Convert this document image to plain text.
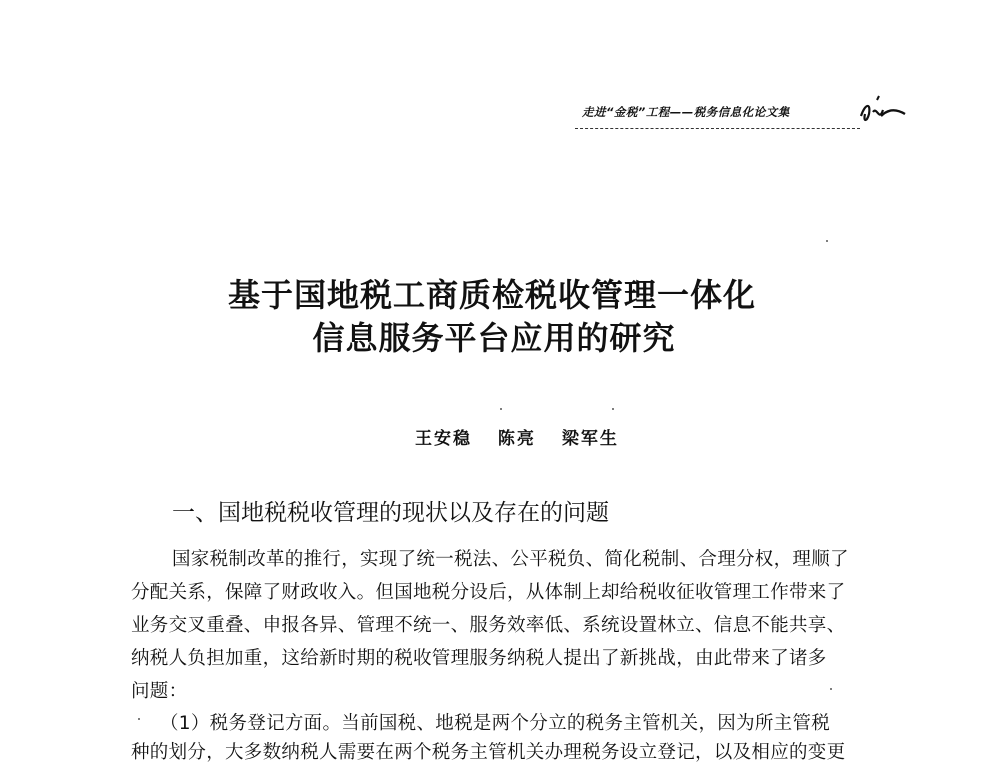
走进“金税”工程——税务信息化论文集
基于国地税工商质检税收管理一体化
信息服务平台应用的研究
王安稳 陈亮 梁军生
一、国地税税收管理的现状以及存在的问题
国家税制改革的推行，实现了统一税法、公平税负、简化税制、合理分权，理顺了
分配关系，保障了财政收入。但国地税分设后，从体制上却给税收征收管理工作带来了
业务交叉重叠、申报各异、管理不统一、服务效率低、系统设置林立、信息不能共享、
纳税人负担加重，这给新时期的税收管理服务纳税人提出了新挑战，由此带来了诸多
问题：
（1）税务登记方面。当前国税、地税是两个分立的税务主管机关，因为所主管税
种的划分，大多数纳税人需要在两个税务主管机关办理税务设立登记，以及相应的变更
